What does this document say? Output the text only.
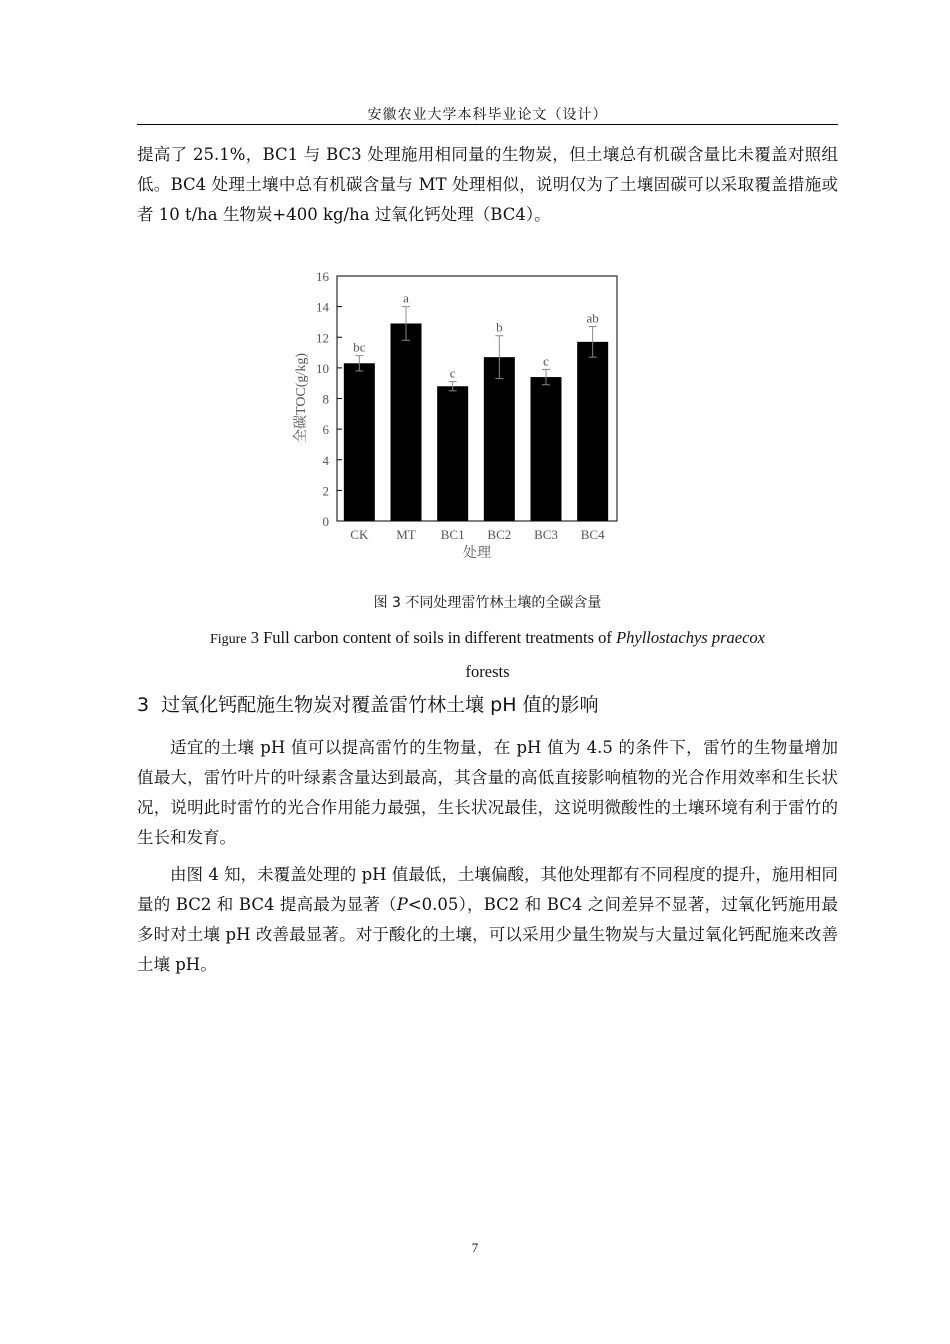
安徽农业大学本科毕业论文（设计）

提高了 25.1%，BC1 与 BC3 处理施用相同量的生物炭，但土壤总有机碳含量比未覆盖对照组低。BC4 处理土壤中总有机碳含量与 MT 处理相似，说明仅为了土壤固碳可以采取覆盖措施或者 10 t/ha 生物炭+400 kg/ha 过氧化钙处理（BC4）。

0
2
4
6
8
10
12
14
16
CK MT BC1 BC2 BC3 BC4
bc
a
c
b
c
ab
全碳TOC(g/kg)
处理
图 3 不同处理雷竹林土壤的全碳含量
Figure 3 Full carbon content of soils in different treatments of Phyllostachys praecox
forests
3 过氧化钙配施生物炭对覆盖雷竹林土壤 pH 值的影响

适宜的土壤 pH 值可以提高雷竹的生物量，在 pH 值为 4.5 的条件下，雷竹的生物量增加值最大，雷竹叶片的叶绿素含量达到最高，其含量的高低直接影响植物的光合作用效率和生长状况，说明此时雷竹的光合作用能力最强，生长状况最佳，这说明微酸性的土壤环境有利于雷竹的生长和发育。

由图 4 知，未覆盖处理的 pH 值最低，土壤偏酸，其他处理都有不同程度的提升，施用相同量的 BC2 和 BC4 提高最为显著（P<0.05），BC2 和 BC4 之间差异不显著，过氧化钙施用最多时对土壤 pH 改善最显著。对于酸化的土壤，可以采用少量生物炭与大量过氧化钙配施来改善土壤 pH。

7
